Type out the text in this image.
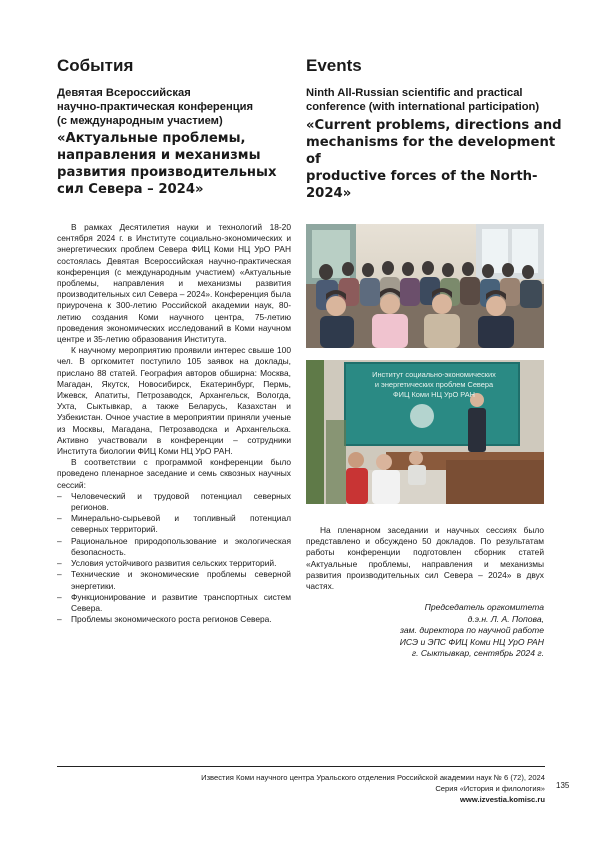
События
Девятая Всероссийская
научно-практическая конференция
(с международным участием)
«Актуальные проблемы,
направления и механизмы
развития производительных
сил Севера – 2024»
Events
Ninth All-Russian scientific and practical
conference (with international participation)
«Current problems, directions and
mechanisms for the development of
productive forces of the North-2024»

В рамках Десятилетия науки и технологий 18-20 сентября 2024 г. в Институте социально-экономических и энергетических проблем Севера ФИЦ Коми НЦ УрО РАН состоялась Девятая Всероссийская научно-практическая конференция (с международным участием) «Актуальные проблемы, направления и механизмы развития производительных сил Севера – 2024». Конференция была приурочена к 300-летию Российской академии наук, 80-летию создания Коми научного центра, 75-летию проведения экономических исследований в Коми научном центре и 35-летию образования Института.

К научному мероприятию проявили интерес свыше 100 чел. В оргкомитет поступило 105 заявок на доклады, прислано 88 статей. География авторов обширна: Москва, Магадан, Якутск, Новосибирск, Екатеринбург, Пермь, Ижевск, Апатиты, Петрозаводск, Архангельск, Вологда, Ухта, Сыктывкар, а также Беларусь, Казахстан и Узбекистан. Очное участие в мероприятии приняли ученые из Москвы, Магадана, Петрозаводска и Архангельска. Активно участвовали в конференции – сотрудники Института биологии ФИЦ Коми НЦ УрО РАН.

В соответствии с программой конференции было проведено пленарное заседание и семь сквозных научных сессий:

– Человеческий и трудовой потенциал северных регионов.
– Минерально-сырьевой и топливный потенциал северных территорий.
– Рациональное природопользование и экологическая безопасность.
– Условия устойчивого развития сельских территорий.
– Технические и экономические проблемы северной энергетики.
– Функционирование и развитие транспортных систем Севера.
– Проблемы экономического роста регионов Севера.
Институт социально-экономических
и энергетических проблем Севера
ФИЦ Коми НЦ УрО РАН

На пленарном заседании и научных сессиях было представлено и обсуждено 50 докладов. По результатам работы конференции подготовлен сборник статей «Актуальные проблемы, направления и механизмы развития производительных сил Севера – 2024» в двух частях.

Председатель оргкомитета
д.э.н. Л. А. Попова,
зам. директора по научной работе
ИСЭ и ЭПС ФИЦ Коми НЦ УрО РАН
г. Сыктывкар, сентябрь 2024 г.
Известия Коми научного центра Уральского отделения Российской академии наук № 6 (72), 2024
Серия «История и филология»
www.izvestia.komisc.ru
135
